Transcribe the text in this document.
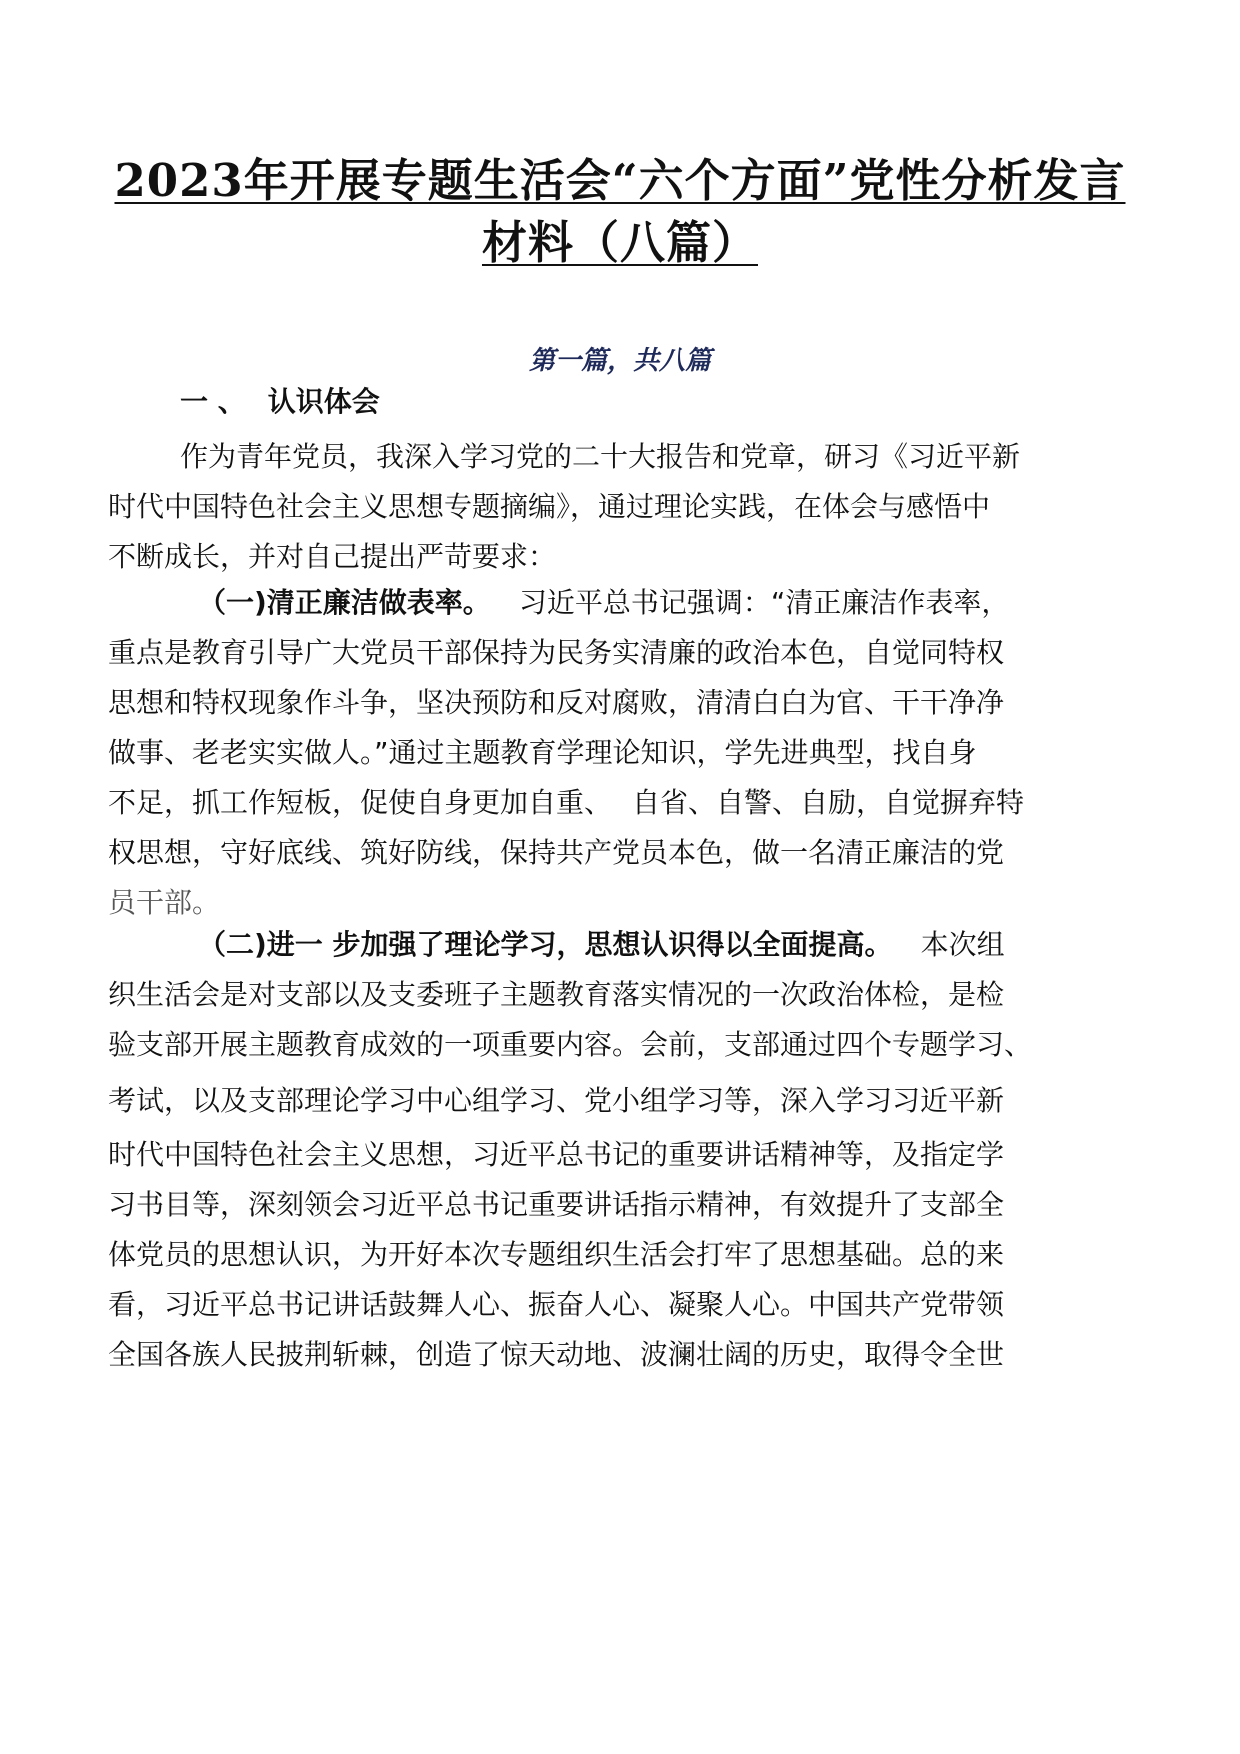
2023年开展专题生活会“六个方面”党性分析发言
材料（八篇）
第一篇，共八篇
一 、 认识体会
作为青年党员，我深入学习党的二十大报告和党章，研习《习近平新
时代中国特色社会主义思想专题摘编》，通过理论实践，在体会与感悟中
不断成长，并对自己提出严苛要求：
（一)清正廉洁做表率。 习近平总书记强调：“清正廉洁作表率，
重点是教育引导广大党员干部保持为民务实清廉的政治本色，自觉同特权
思想和特权现象作斗争，坚决预防和反对腐败，清清白白为官、干干净净
做事、老老实实做人。”通过主题教育学理论知识，学先进典型，找自身
不足，抓工作短板，促使自身更加自重、 自省、自警、自励，自觉摒弃特
权思想，守好底线、筑好防线，保持共产党员本色，做一名清正廉洁的党
员干部。
（二)进一 步加强了理论学习，思想认识得以全面提高。 本次组
织生活会是对支部以及支委班子主题教育落实情况的一次政治体检，是检
验支部开展主题教育成效的一项重要内容。会前，支部通过四个专题学习、
考试，以及支部理论学习中心组学习、党小组学习等，深入学习习近平新
时代中国特色社会主义思想，习近平总书记的重要讲话精神等，及指定学
习书目等，深刻领会习近平总书记重要讲话指示精神，有效提升了支部全
体党员的思想认识，为开好本次专题组织生活会打牢了思想基础。总的来
看，习近平总书记讲话鼓舞人心、振奋人心、凝聚人心。中国共产党带领
全国各族人民披荆斩棘，创造了惊天动地、波澜壮阔的历史，取得令全世
